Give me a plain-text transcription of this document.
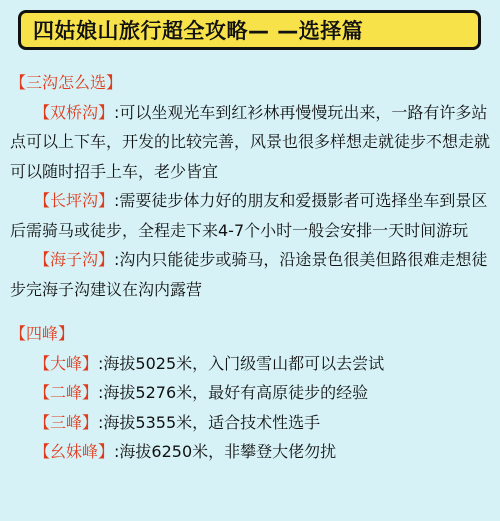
四姑娘山旅行超全攻略— —选择篇
【三沟怎么选】

【双桥沟】:可以坐观光车到红衫林再慢慢玩出来，一路有许多站点可以上下车，开发的比较完善，风景也很多样想走就徒步不想走就可以随时招手上车，老少皆宜

【长坪沟】:需要徒步体力好的朋友和爱摄影者可选择坐车到景区后需骑马或徒步，全程走下来4-7个小时一般会安排一天时间游玩

【海子沟】:沟内只能徒步或骑马，沿途景色很美但路很难走想徒步完海子沟建议在沟内露营

【四峰】

【大峰】:海拔5025米，入门级雪山都可以去尝试

【二峰】:海拔5276米，最好有高原徒步的经验

【三峰】:海拔5355米，适合技术性选手

【幺妹峰】:海拔6250米，非攀登大佬勿扰
